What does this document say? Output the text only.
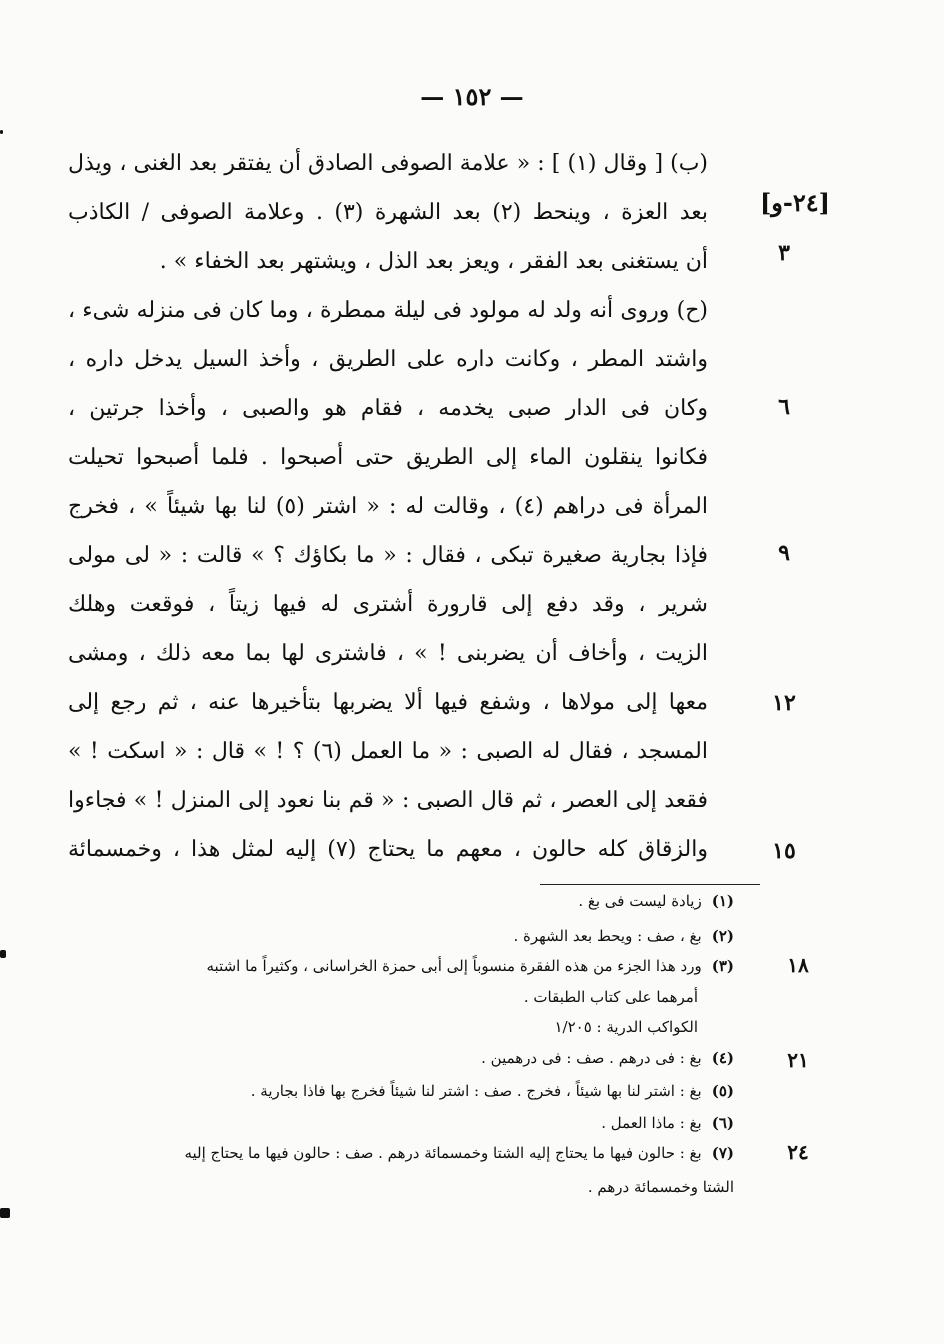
— ١٥٢ —
[٢٤-و]
(ب) [ وقال (١) ] : « علامة الصوفى الصادق أن يفتقر بعد الغنى ، ويذل
بعد العزة ، وينحط (٢) بعد الشهرة (٣) . وعلامة الصوفى / الكاذب
أن يستغنى بعد الفقر ، ويعز بعد الذل ، ويشتهر بعد الخفاء » .
(ح) وروى أنه ولد له مولود فى ليلة ممطرة ، وما كان فى منزله شىء ،
واشتد المطر ، وكانت داره على الطريق ، وأخذ السيل يدخل داره ،
وكان فى الدار صبى يخدمه ، فقام هو والصبى ، وأخذا جرتين ،
فكانوا ينقلون الماء إلى الطريق حتى أصبحوا . فلما أصبحوا تحيلت
المرأة فى دراهم (٤) ، وقالت له : « اشتر (٥) لنا بها شيئاً » ، فخرج
فإذا بجارية صغيرة تبكى ، فقال : « ما بكاؤك ؟ » قالت : « لى مولى
شرير ، وقد دفع إلى قارورة أشترى له فيها زيتاً ، فوقعت وهلك
الزيت ، وأخاف أن يضربنى ! » ، فاشترى لها بما معه ذلك ، ومشى
معها إلى مولاها ، وشفع فيها ألا يضربها بتأخيرها عنه ، ثم رجع إلى
المسجد ، فقال له الصبى : « ما العمل (٦) ؟ ! » قال : « اسكت ! »
فقعد إلى العصر ، ثم قال الصبى : « قم بنا نعود إلى المنزل ! » فجاءوا
والزقاق كله حالون ، معهم ما يحتاج (٧) إليه لمثل هذا ، وخمسمائة
٣
٦
٩
١٢
١٥
(١)زيادة ليست فى بغ .
(٢)بغ ، صف : ويحط بعد الشهرة .
(٣)ورد هذا الجزء من هذه الفقرة منسوباً إلى أبى حمزة الخراسانى ، وكثيراً ما اشتبه
أمرهما على كتاب الطبقات .
الكواكب الدرية : ١/٢٠٥
(٤)بغ : فى درهم . صف : فى درهمين .
(٥)بغ : اشتر لنا بها شيئاً ، فخرج . صف : اشتر لنا شيئاً فخرج بها فاذا بجارية .
(٦)بغ : ماذا العمل .
(٧)بغ : حالون فيها ما يحتاج إليه الشتا وخمسمائة درهم . صف : حالون فيها ما يحتاج إليه
الشتا وخمسمائة درهم .
١٨
٢١
٢٤
